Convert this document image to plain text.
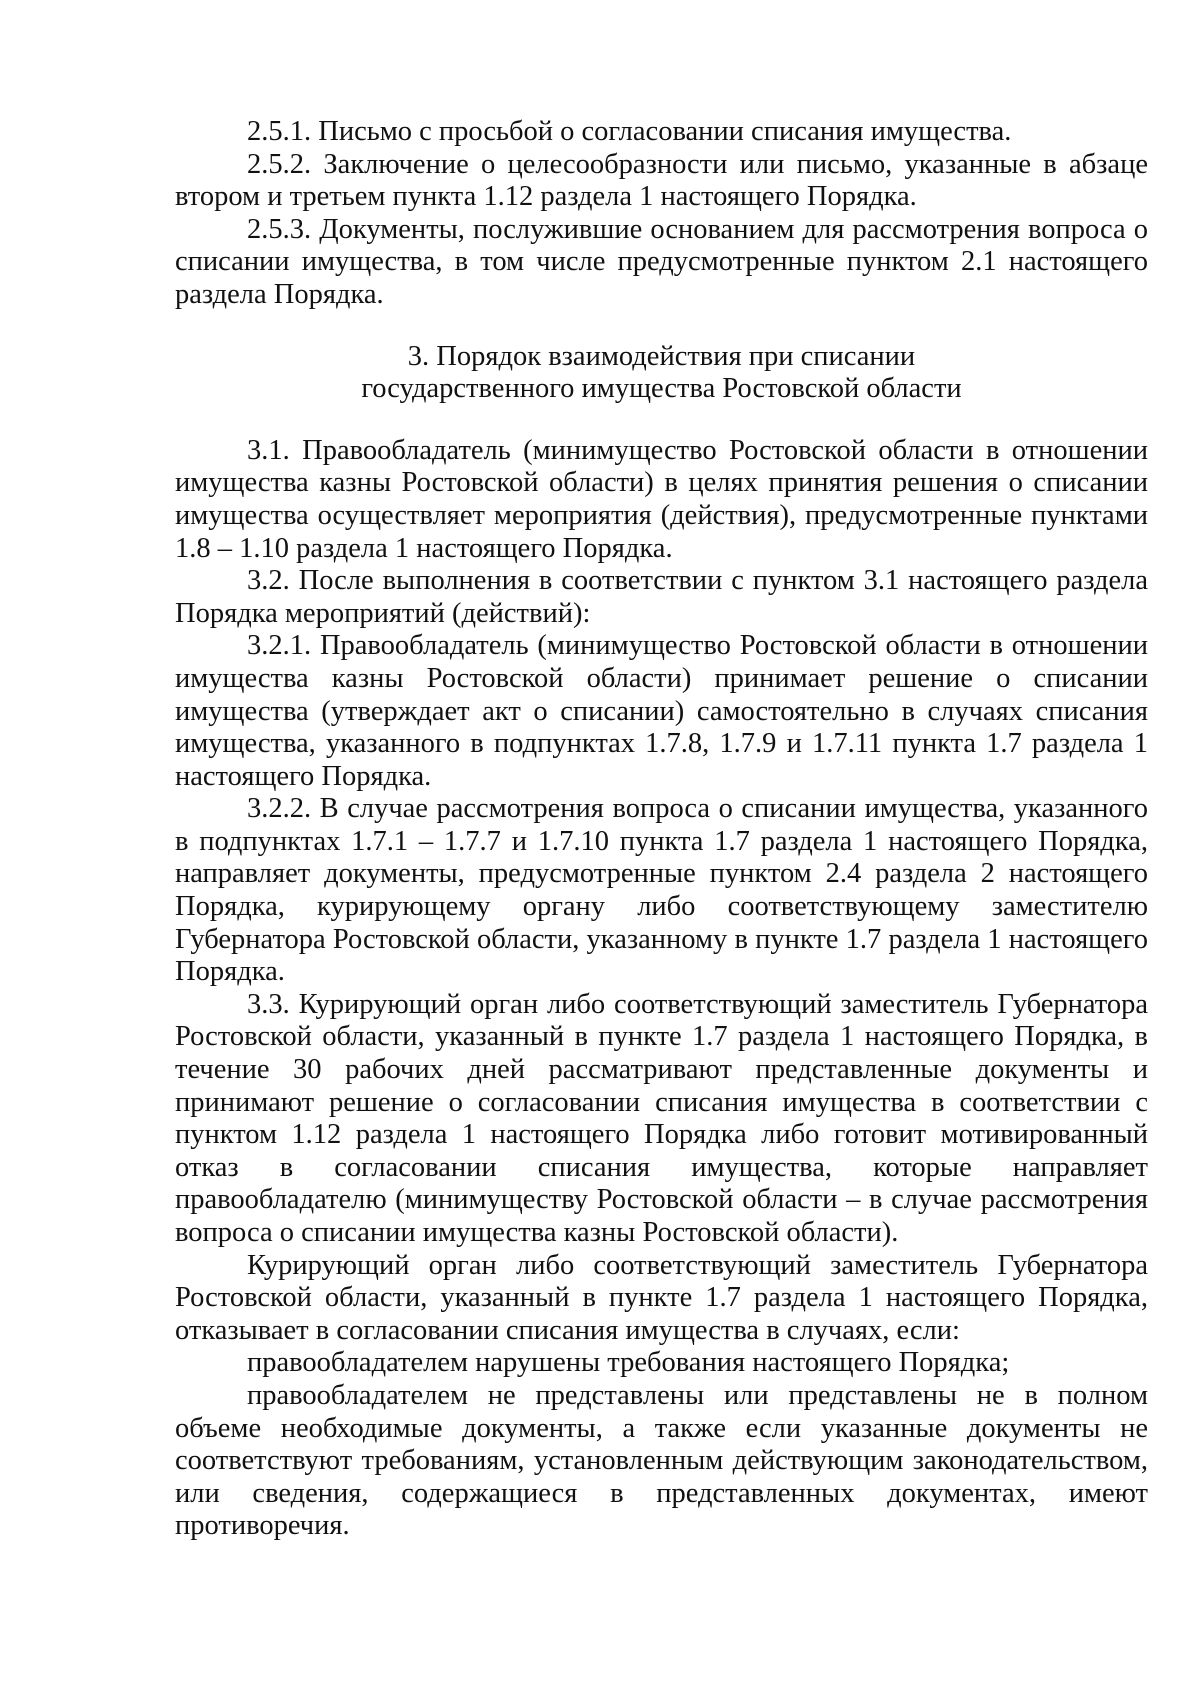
2.5.1. Письмо с просьбой о согласовании списания имущества.

2.5.2. Заключение о целесообразности или письмо, указанные в абзаце втором и третьем пункта 1.12 раздела 1 настоящего Порядка.

2.5.3. Документы, послужившие основанием для рассмотрения вопроса о списании имущества, в том числе предусмотренные пунктом 2.1 настоящего раздела Порядка.

3. Порядок взаимодействия при списании
государственного имущества Ростовской области

3.1. Правообладатель (минимущество Ростовской области в отношении имущества казны Ростовской области) в целях принятия решения о списании имущества осуществляет мероприятия (действия), предусмотренные пунктами 1.8 – 1.10 раздела 1 настоящего Порядка.

3.2. После выполнения в соответствии с пунктом 3.1 настоящего раздела Порядка мероприятий (действий):

3.2.1. Правообладатель (минимущество Ростовской области в отношении имущества казны Ростовской области) принимает решение о списании имущества (утверждает акт о списании) самостоятельно в случаях списания имущества, указанного в подпунктах 1.7.8, 1.7.9 и 1.7.11 пункта 1.7 раздела 1 настоящего Порядка.

3.2.2. В случае рассмотрения вопроса о списании имущества, указанного в подпунктах 1.7.1 – 1.7.7 и 1.7.10 пункта 1.7 раздела 1 настоящего Порядка, направляет документы, предусмотренные пунктом 2.4 раздела 2 настоящего Порядка, курирующему органу либо соответствующему заместителю Губернатора Ростовской области, указанному в пункте 1.7 раздела 1 настоящего Порядка.

3.3. Курирующий орган либо соответствующий заместитель Губернатора Ростовской области, указанный в пункте 1.7 раздела 1 настоящего Порядка, в течение 30 рабочих дней рассматривают представленные документы и принимают решение о согласовании списания имущества в соответствии с пунктом 1.12 раздела 1 настоящего Порядка либо готовит мотивированный отказ в согласовании списания имущества, которые направляет правообладателю (минимуществу Ростовской области – в случае рассмотрения вопроса о списании имущества казны Ростовской области).

Курирующий орган либо соответствующий заместитель Губернатора Ростовской области, указанный в пункте 1.7 раздела 1 настоящего Порядка, отказывает в согласовании списания имущества в случаях, если:

правообладателем нарушены требования настоящего Порядка;

правообладателем не представлены или представлены не в полном объеме необходимые документы, а также если указанные документы не соответствуют требованиям, установленным действующим законодательством, или сведения, содержащиеся в представленных документах, имеют противоречия.
